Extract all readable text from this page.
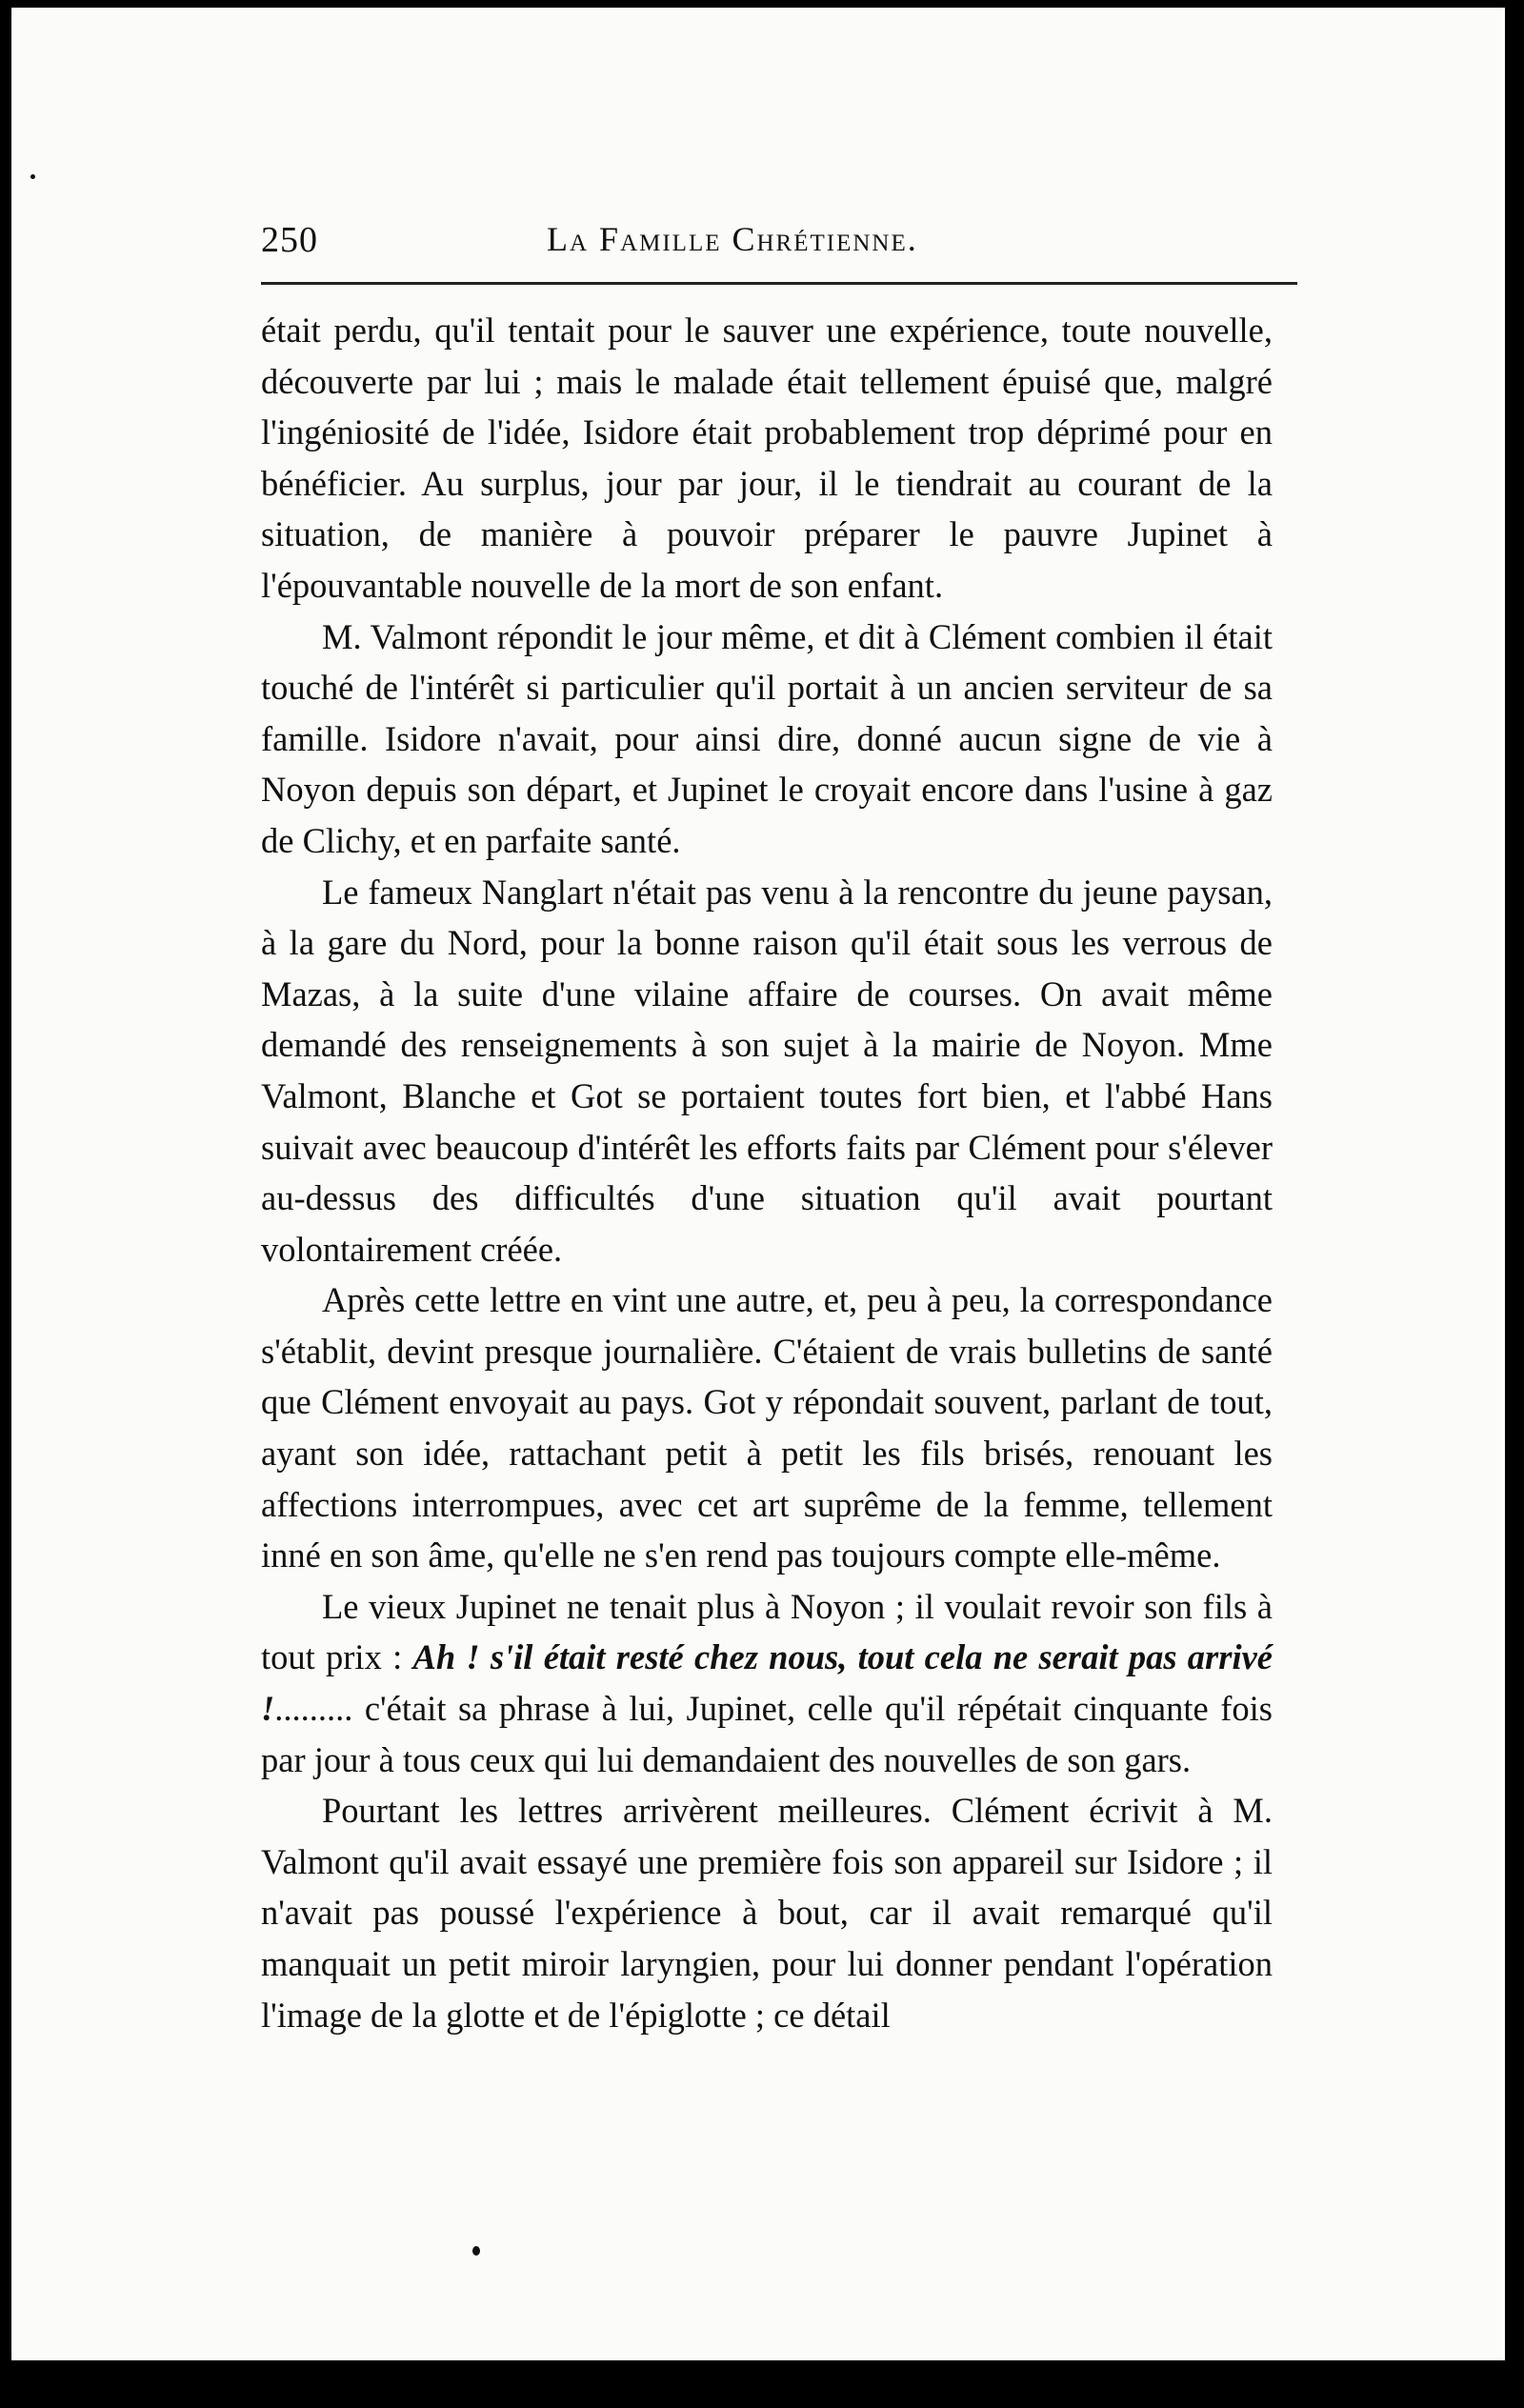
250	La Famille Chrétienne.

était perdu, qu'il tentait pour le sauver une expérience, toute nouvelle, découverte par lui ; mais le malade était tellement épuisé que, malgré l'ingéniosité de l'idée, Isidore était probablement trop déprimé pour en bénéficier. Au surplus, jour par jour, il le tiendrait au courant de la situation, de manière à pouvoir préparer le pauvre Jupinet à l'épouvantable nouvelle de la mort de son enfant.

M. Valmont répondit le jour même, et dit à Clément combien il était touché de l'intérêt si particulier qu'il portait à un ancien serviteur de sa famille. Isidore n'avait, pour ainsi dire, donné aucun signe de vie à Noyon depuis son départ, et Jupinet le croyait encore dans l'usine à gaz de Clichy, et en parfaite santé.

Le fameux Nanglart n'était pas venu à la rencontre du jeune paysan, à la gare du Nord, pour la bonne raison qu'il était sous les verrous de Mazas, à la suite d'une vilaine affaire de courses. On avait même demandé des renseignements à son sujet à la mairie de Noyon. Mme Valmont, Blanche et Got se portaient toutes fort bien, et l'abbé Hans suivait avec beaucoup d'intérêt les efforts faits par Clément pour s'élever au-dessus des difficultés d'une situation qu'il avait pourtant volontairement créée.

Après cette lettre en vint une autre, et, peu à peu, la correspondance s'établit, devint presque journalière. C'étaient de vrais bulletins de santé que Clément envoyait au pays. Got y répondait souvent, parlant de tout, ayant son idée, rattachant petit à petit les fils brisés, renouant les affections interrompues, avec cet art suprême de la femme, tellement inné en son âme, qu'elle ne s'en rend pas toujours compte elle-même.

Le vieux Jupinet ne tenait plus à Noyon ; il voulait revoir son fils à tout prix : Ah ! s'il était resté chez nous, tout cela ne serait pas arrivé !......... c'était sa phrase à lui, Jupinet, celle qu'il répétait cinquante fois par jour à tous ceux qui lui demandaient des nouvelles de son gars.

Pourtant les lettres arrivèrent meilleures. Clément écrivit à M. Valmont qu'il avait essayé une première fois son appareil sur Isidore ; il n'avait pas poussé l'expérience à bout, car il avait remarqué qu'il manquait un petit miroir laryngien, pour lui donner pendant l'opération l'image de la glotte et de l'épiglotte ; ce détail
